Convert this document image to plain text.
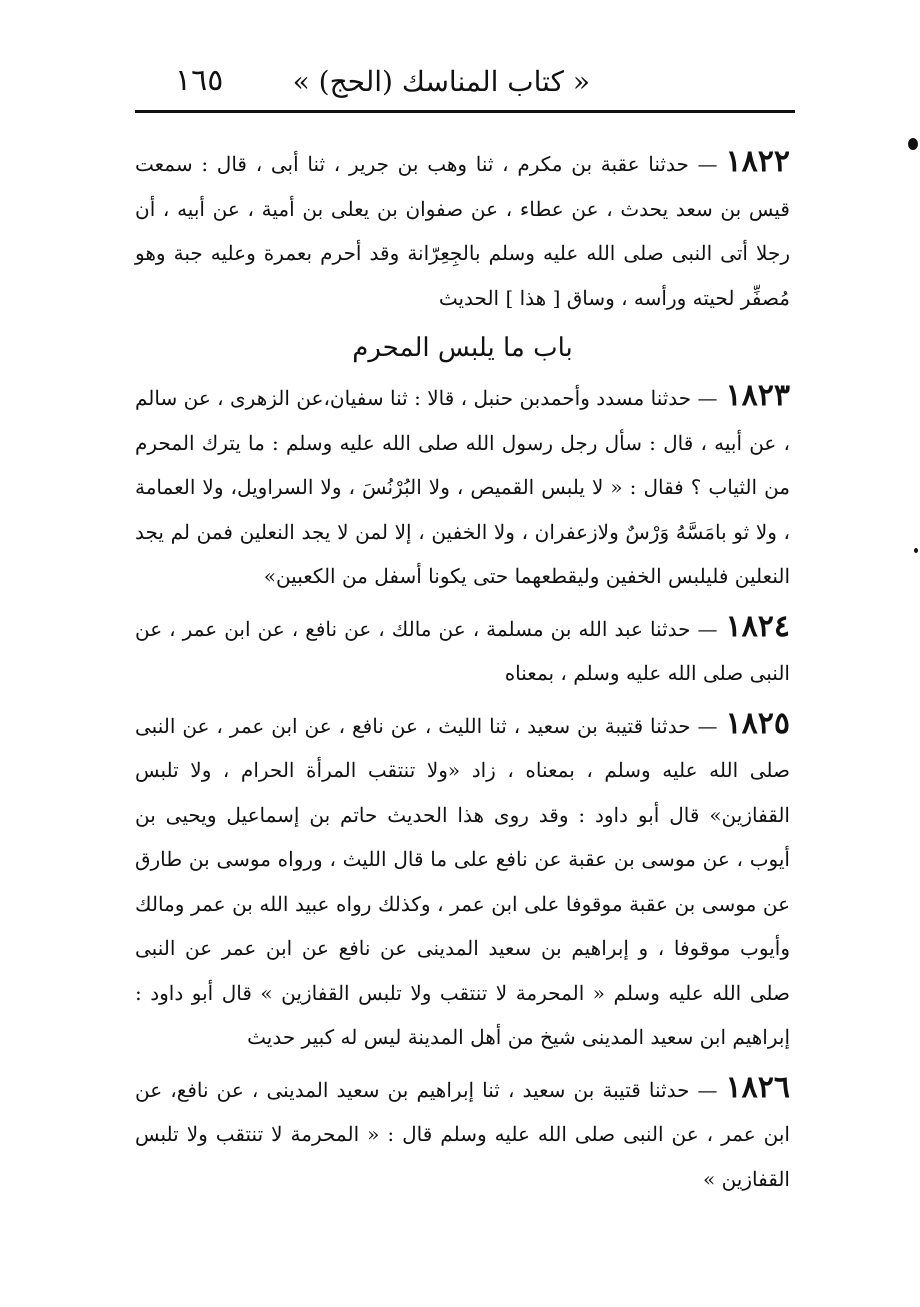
« كتاب المناسك (الحج) »
١٦٥

١٨٢٢— حدثنا عقبة بن مكرم ، ثنا وهب بن جرير ، ثنا أبى ، قال : سمعت قيس بن سعد يحدث ، عن عطاء ، عن صفوان بن يعلى بن أمية ، عن أبيه ، أن رجلا أتى النبى صلى الله عليه وسلم بالجِعِرّانة وقد أحرم بعمرة وعليه جبة وهو مُصفِّر لحيته ورأسه ، وساق [ هذا ] الحديث

باب ما يلبس المحرم

١٨٢٣— حدثنا مسدد وأحمدبن حنبل ، قالا : ثنا سفيان،عن الزهرى ، عن سالم ، عن أبيه ، قال : سأل رجل رسول الله صلى الله عليه وسلم : ما يترك المحرم من الثياب ؟ فقال : « لا يلبس القميص ، ولا البُرْنُسَ ، ولا السراويل، ولا العمامة ، ولا ثو بامَسَّهُ وَرْسٌ ولازعفران ، ولا الخفين ، إلا لمن لا يجد النعلين فمن لم يجد النعلين فليلبس الخفين وليقطعهما حتى يكونا أسفل من الكعبين»

١٨٢٤— حدثنا عبد الله بن مسلمة ، عن مالك ، عن نافع ، عن ابن عمر ، عن النبى صلى الله عليه وسلم ، بمعناه

١٨٢٥— حدثنا قتيبة بن سعيد ، ثنا الليث ، عن نافع ، عن ابن عمر ، عن النبى صلى الله عليه وسلم ، بمعناه ، زاد «ولا تنتقب المرأة الحرام ، ولا تلبس القفازين» قال أبو داود : وقد روى هذا الحديث حاتم بن إسماعيل ويحيى بن أيوب ، عن موسى بن عقبة عن نافع على ما قال الليث ، ورواه موسى بن طارق عن موسى بن عقبة موقوفا على ابن عمر ، وكذلك رواه عبيد الله بن عمر ومالك وأيوب موقوفا ، و إبراهيم بن سعيد المدينى عن نافع عن ابن عمر عن النبى صلى الله عليه وسلم « المحرمة لا تنتقب ولا تلبس القفازين » قال أبو داود : إبراهيم ابن سعيد المدينى شيخ من أهل المدينة ليس له كبير حديث

١٨٢٦— حدثنا قتيبة بن سعيد ، ثنا إبراهيم بن سعيد المدينى ، عن نافع، عن ابن عمر ، عن النبى صلى الله عليه وسلم قال : « المحرمة لا تنتقب ولا تلبس القفازين »
